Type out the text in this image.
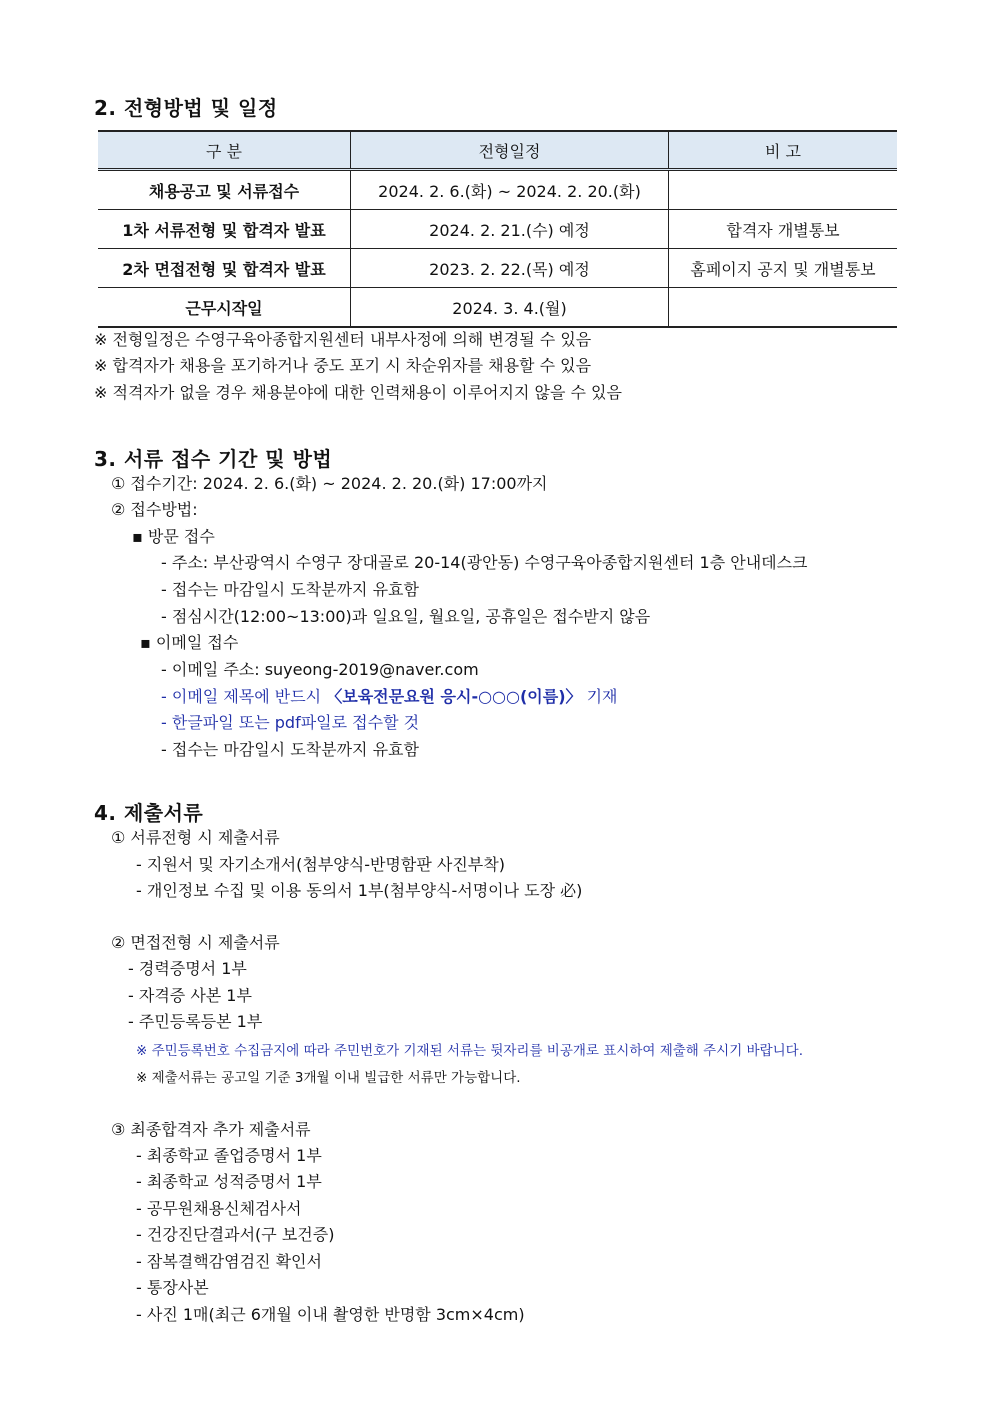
2. 전형방법 및 일정
구 분	전형일정	비 고
채용공고 및 서류접수	2024. 2. 6.(화) ~ 2024. 2. 20.(화)	
1차 서류전형 및 합격자 발표	2024. 2. 21.(수) 예정	합격자 개별통보
2차 면접전형 및 합격자 발표	2023. 2. 22.(목) 예정	홈페이지 공지 및 개별통보
근무시작일	2024. 3. 4.(월)	
※ 전형일정은 수영구육아종합지원센터 내부사정에 의해 변경될 수 있음
※ 합격자가 채용을 포기하거나 중도 포기 시 차순위자를 채용할 수 있음
※ 적격자가 없을 경우 채용분야에 대한 인력채용이 이루어지지 않을 수 있음
3. 서류 접수 기간 및 방법
① 접수기간: 2024. 2. 6.(화) ~ 2024. 2. 20.(화) 17:00까지
② 접수방법:
▪ 방문 접수
- 주소: 부산광역시 수영구 장대골로 20-14(광안동) 수영구육아종합지원센터 1층 안내데스크
- 접수는 마감일시 도착분까지 유효함
- 점심시간(12:00~13:00)과 일요일, 월요일, 공휴일은 접수받지 않음
▪ 이메일 접수
- 이메일 주소: suyeong-2019@naver.com
- 이메일 제목에 반드시 〈보육전문요원 응시-○○○(이름)〉 기재
- 한글파일 또는 pdf파일로 접수할 것
- 접수는 마감일시 도착분까지 유효함
4. 제출서류
① 서류전형 시 제출서류
- 지원서 및 자기소개서(첨부양식-반명함판 사진부착)
- 개인정보 수집 및 이용 동의서 1부(첨부양식-서명이나 도장 必)
② 면접전형 시 제출서류
- 경력증명서 1부
- 자격증 사본 1부
- 주민등록등본 1부
※ 주민등록번호 수집금지에 따라 주민번호가 기재된 서류는 뒷자리를 비공개로 표시하여 제출해 주시기 바랍니다.
※ 제출서류는 공고일 기준 3개월 이내 빌급한 서류만 가능합니다.
③ 최종합격자 추가 제출서류
- 최종학교 졸업증명서 1부
- 최종학교 성적증명서 1부
- 공무원채용신체검사서
- 건강진단결과서(구 보건증)
- 잠복결핵감염검진 확인서
- 통장사본
- 사진 1매(최근 6개월 이내 촬영한 반명함 3cm×4cm)
